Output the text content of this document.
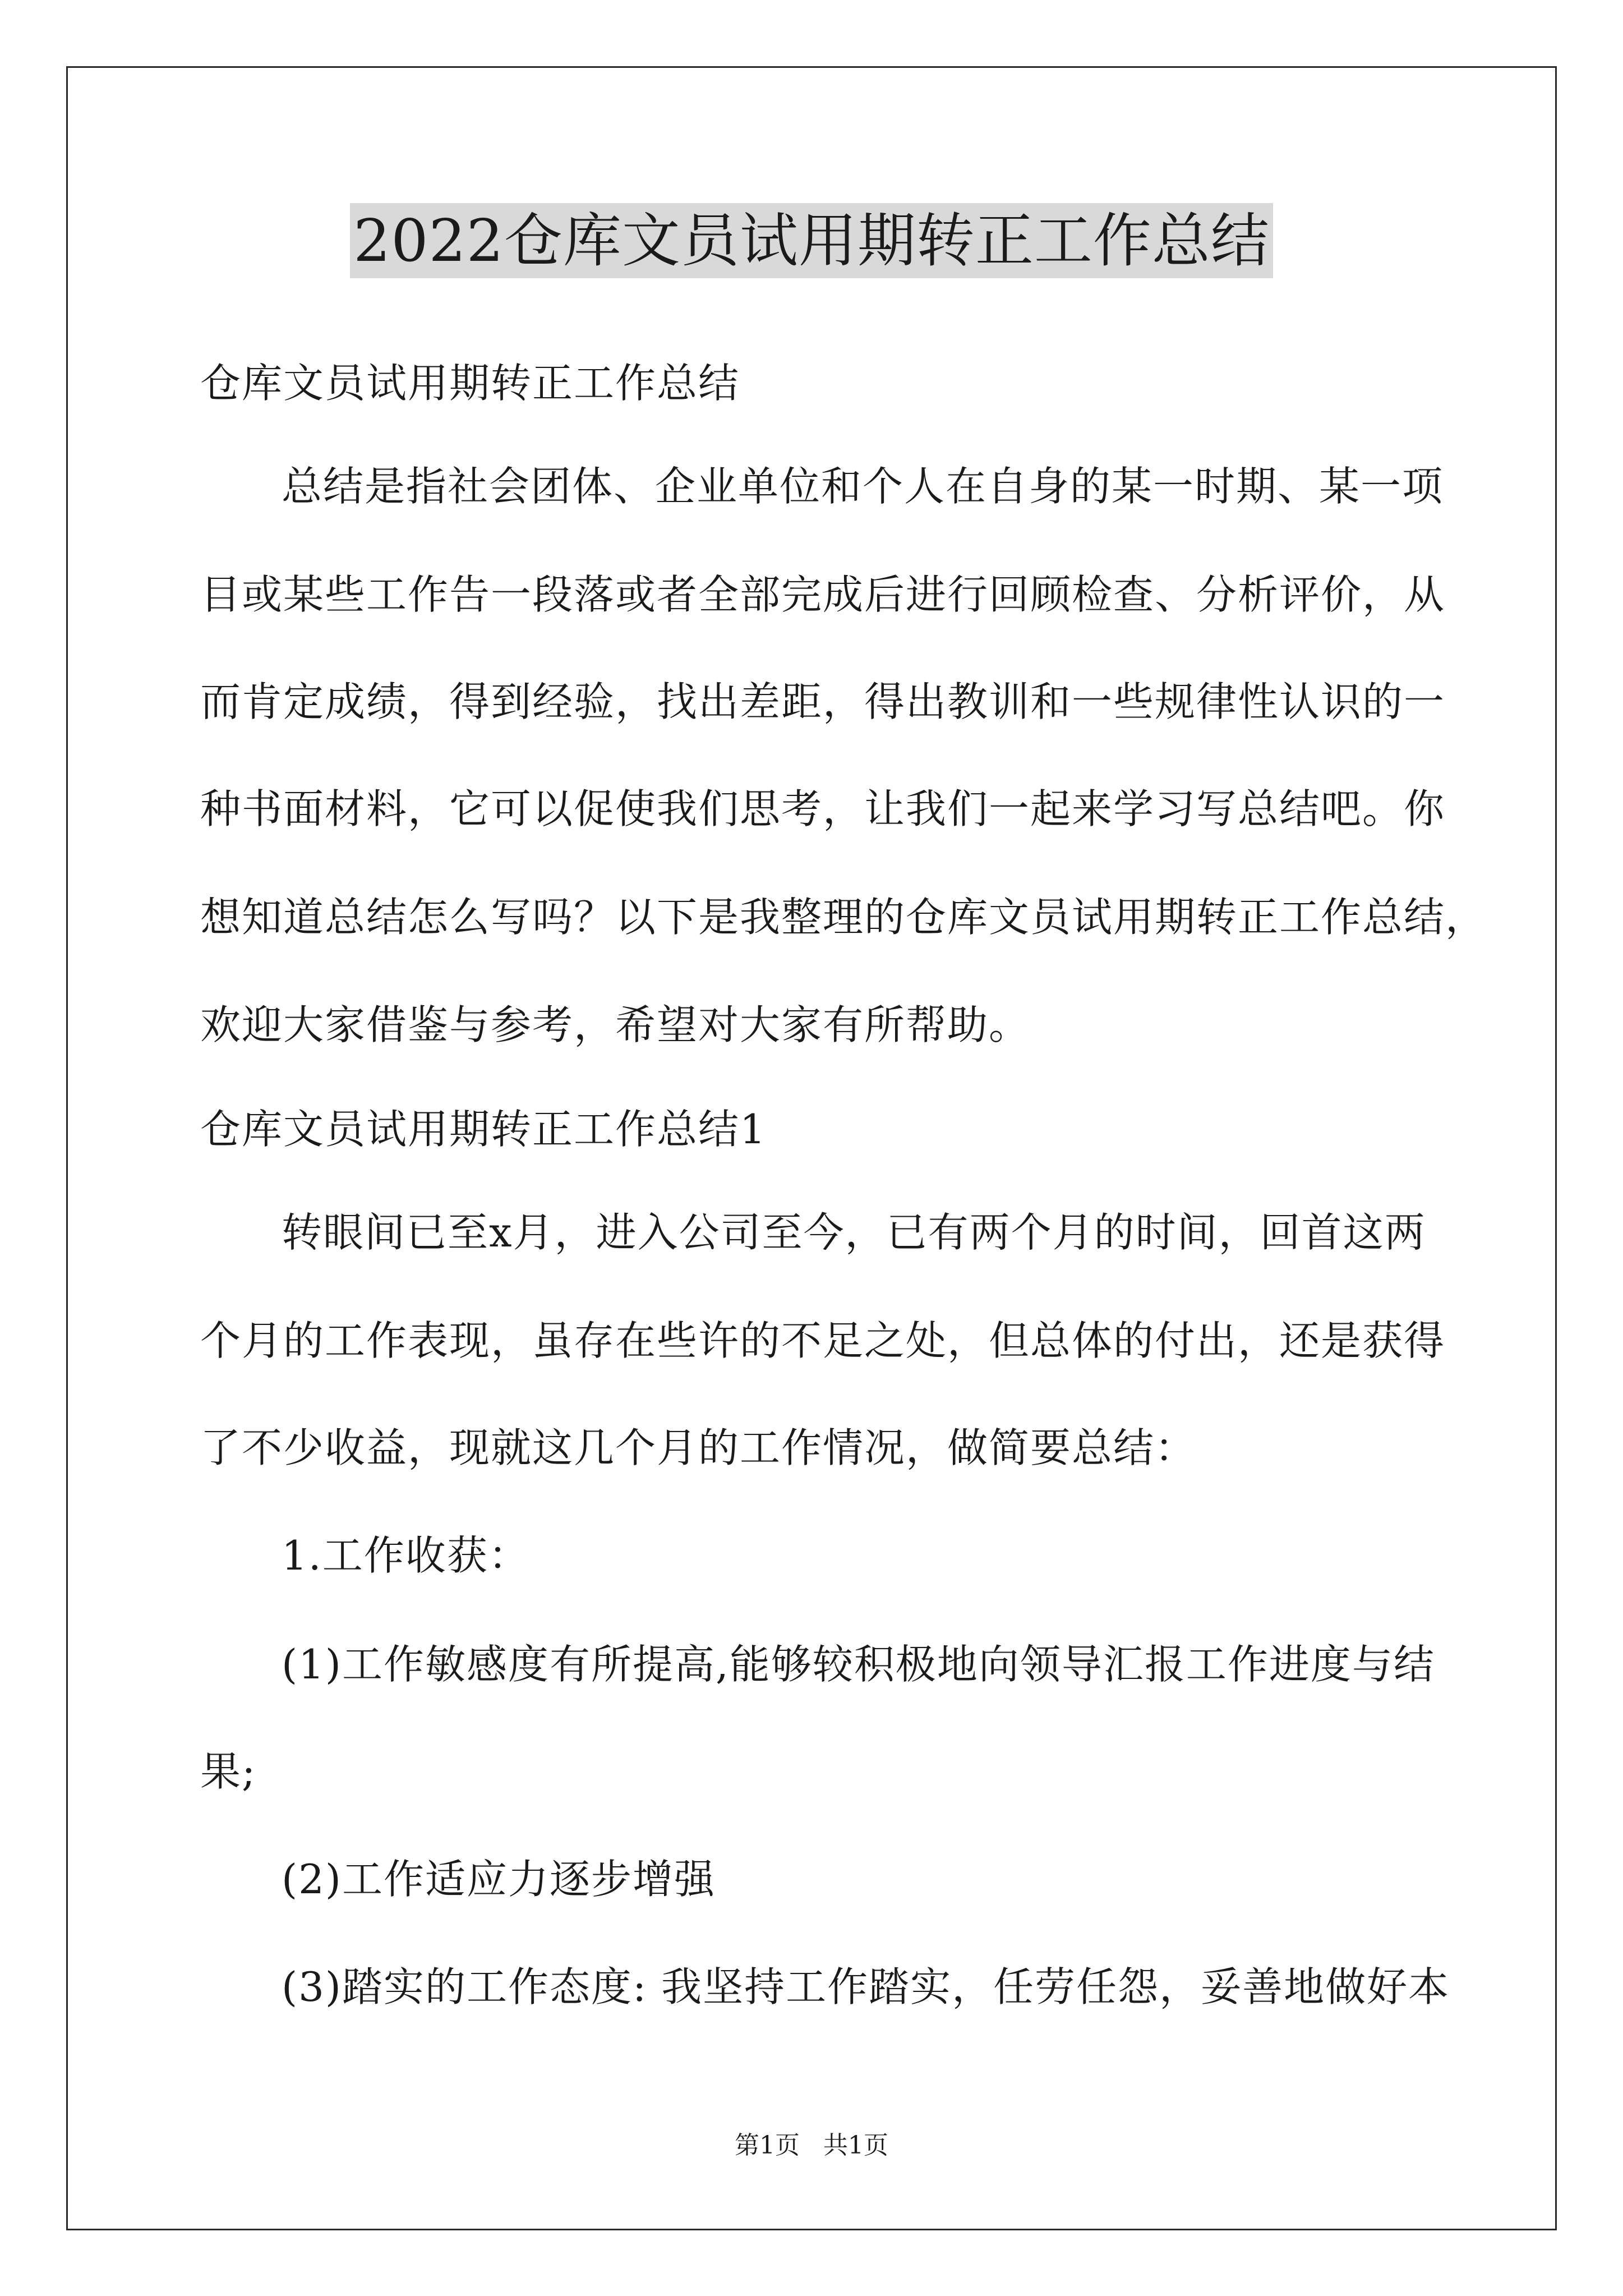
2022仓库文员试用期转正工作总结
仓库文员试用期转正工作总结
总结是指社会团体、企业单位和个人在自身的某一时期、某一项
目或某些工作告一段落或者全部完成后进行回顾检查、分析评价，从
而肯定成绩，得到经验，找出差距，得出教训和一些规律性认识的一
种书面材料，它可以促使我们思考，让我们一起来学习写总结吧。你
想知道总结怎么写吗？以下是我整理的仓库文员试用期转正工作总结，
欢迎大家借鉴与参考，希望对大家有所帮助。
仓库文员试用期转正工作总结1
转眼间已至x月，进入公司至今，已有两个月的时间，回首这两
个月的工作表现，虽存在些许的不足之处，但总体的付出，还是获得
了不少收益，现就这几个月的工作情况，做简要总结：
1.工作收获：
(1)工作敏感度有所提高,能够较积极地向领导汇报工作进度与结
果;
(2)工作适应力逐步增强
(3)踏实的工作态度: 我坚持工作踏实，任劳任怨，妥善地做好本
第1页   共1页
